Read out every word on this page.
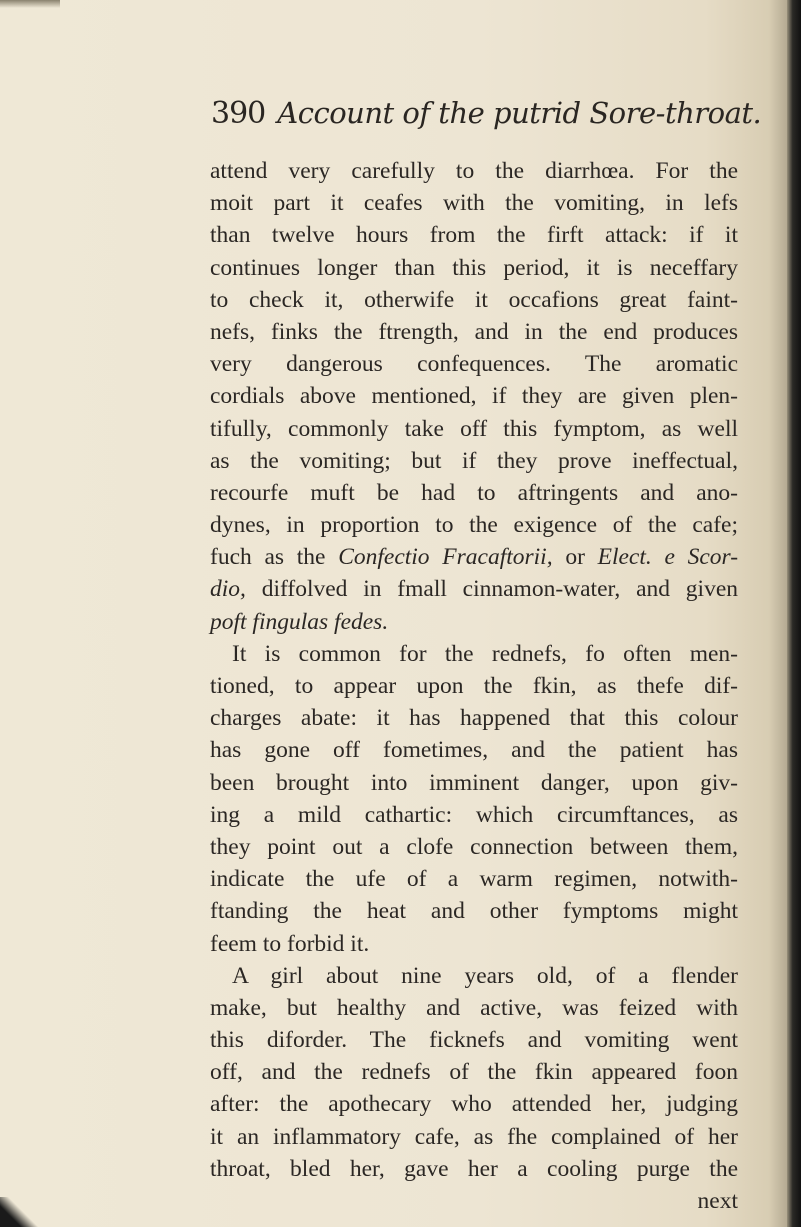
390 Account of the putrid Sore-throat.
attend very carefully to the diarrhœa. For the
moit part it ceafes with the vomiting, in lefs
than twelve hours from the firft attack: if it
continues longer than this period, it is neceffary
to check it, otherwife it occafions great faint-
nefs, finks the ftrength, and in the end produces
very dangerous confequences. The aromatic
cordials above mentioned, if they are given plen-
tifully, commonly take off this fymptom, as well
as the vomiting; but if they prove ineffectual,
recourfe muft be had to aftringents and ano-
dynes, in proportion to the exigence of the cafe;
fuch as the Confectio Fracaftorii, or Elect. e Scor-
dio, diffolved in fmall cinnamon-water, and given
poft fingulas fedes.
It is common for the rednefs, fo often men-
tioned, to appear upon the fkin, as thefe dif-
charges abate: it has happened that this colour
has gone off fometimes, and the patient has
been brought into imminent danger, upon giv-
ing a mild cathartic: which circumftances, as
they point out a clofe connection between them,
indicate the ufe of a warm regimen, notwith-
ftanding the heat and other fymptoms might
feem to forbid it.
A girl about nine years old, of a flender
make, but healthy and active, was feized with
this diforder. The ficknefs and vomiting went
off, and the rednefs of the fkin appeared foon
after: the apothecary who attended her, judging
it an inflammatory cafe, as fhe complained of her
throat, bled her, gave her a cooling purge the
next
